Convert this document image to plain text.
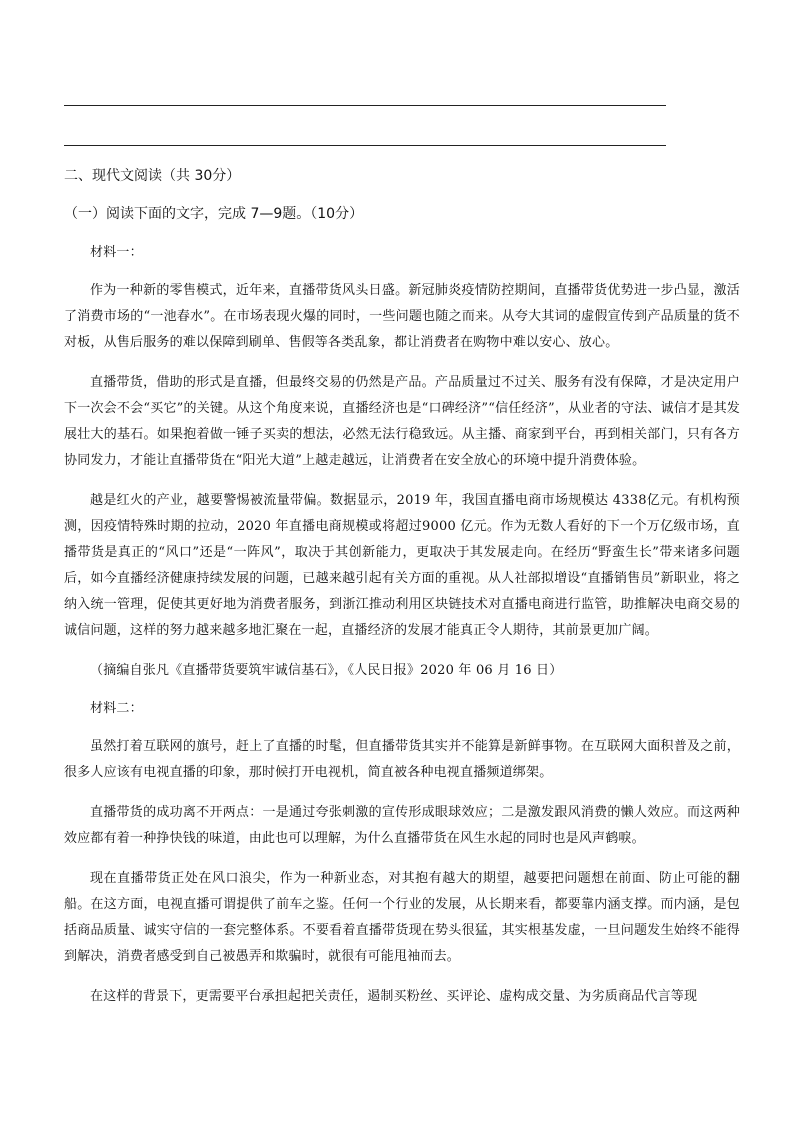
二、现代文阅读（共 30分）
（一）阅读下面的文字，完成 7—9题。（10分）

材料一：

作为一种新的零售模式，近年来，直播带货风头日盛。新冠肺炎疫情防控期间，直播带货优势进一步凸显，激活了消费市场的“一池春水”。在市场表现火爆的同时，一些问题也随之而来。从夸大其词的虚假宣传到产品质量的货不对板，从售后服务的难以保障到刷单、售假等各类乱象，都让消费者在购物中难以安心、放心。

直播带货，借助的形式是直播，但最终交易的仍然是产品。产品质量过不过关、服务有没有保障，才是决定用户下一次会不会“买它”的关键。从这个角度来说，直播经济也是“口碑经济”“信任经济”，从业者的守法、诚信才是其发展壮大的基石。如果抱着做一锤子买卖的想法，必然无法行稳致远。从主播、商家到平台，再到相关部门，只有各方协同发力，才能让直播带货在“阳光大道”上越走越远，让消费者在安全放心的环境中提升消费体验。

越是红火的产业，越要警惕被流量带偏。数据显示，2019 年，我国直播电商市场规模达 4338亿元。有机构预测，因疫情特殊时期的拉动，2020 年直播电商规模或将超过9000 亿元。作为无数人看好的下一个万亿级市场，直播带货是真正的“风口”还是“一阵风”，取决于其创新能力，更取决于其发展走向。在经历“野蛮生长”带来诸多问题后，如今直播经济健康持续发展的问题，已越来越引起有关方面的重视。从人社部拟增设“直播销售员”新职业，将之纳入统一管理，促使其更好地为消费者服务，到浙江推动利用区块链技术对直播电商进行监管，助推解决电商交易的诚信问题，这样的努力越来越多地汇聚在一起，直播经济的发展才能真正令人期待，其前景更加广阔。

（摘编自张凡《直播带货要筑牢诚信基石》，《人民日报》2020 年 06 月 16 日）

材料二：

虽然打着互联网的旗号，赶上了直播的时髦，但直播带货其实并不能算是新鲜事物。在互联网大面积普及之前，很多人应该有电视直播的印象，那时候打开电视机，简直被各种电视直播频道绑架。

直播带货的成功离不开两点：一是通过夸张刺激的宣传形成眼球效应；二是激发跟风消费的懒人效应。而这两种效应都有着一种挣快钱的味道，由此也可以理解，为什么直播带货在风生水起的同时也是风声鹤唳。

现在直播带货正处在风口浪尖，作为一种新业态，对其抱有越大的期望，越要把问题想在前面、防止可能的翻船。在这方面，电视直播可谓提供了前车之鉴。任何一个行业的发展，从长期来看，都要靠内涵支撑。而内涵，是包括商品质量、诚实守信的一套完整体系。不要看着直播带货现在势头很猛，其实根基发虚，一旦问题发生始终不能得到解决，消费者感受到自己被愚弄和欺骗时，就很有可能甩袖而去。

在这样的背景下，更需要平台承担起把关责任，遏制买粉丝、买评论、虚构成交量、为劣质商品代言等现
